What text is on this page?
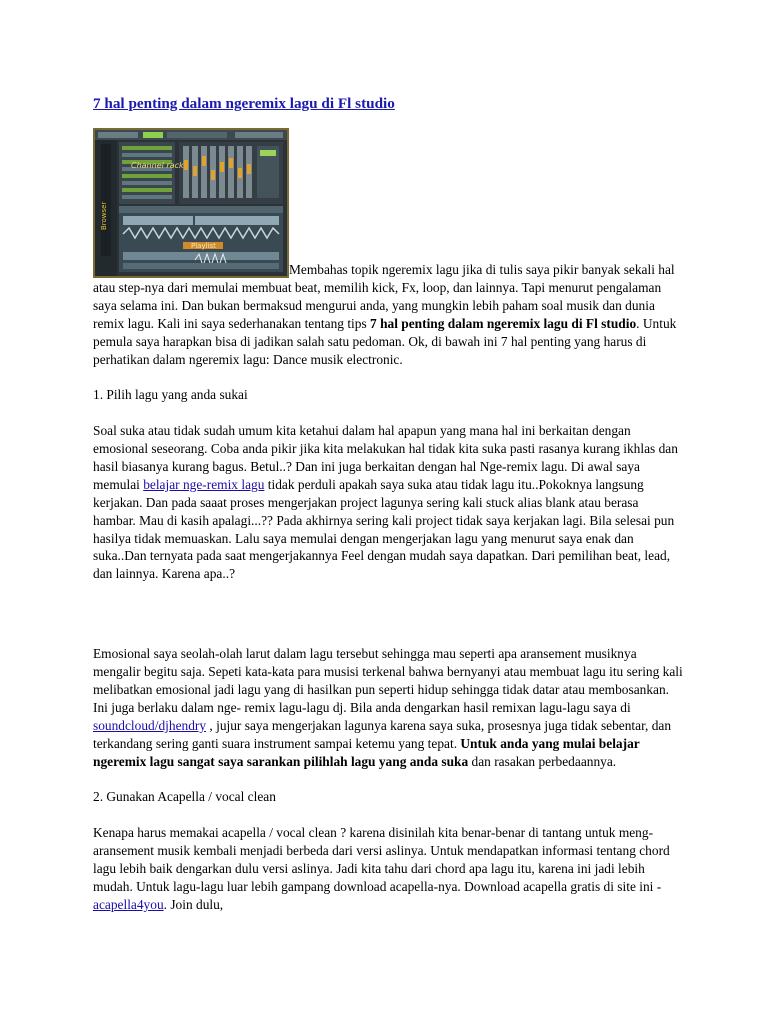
7 hal penting dalam ngeremix lagu di Fl studio
Browser
Playlist
Channel rack
Membahas topik ngeremix lagu jika di tulis saya pikir banyak sekali hal atau step-nya dari memulai membuat beat, memilih kick, Fx, loop, dan lainnya. Tapi menurut pengalaman saya selama ini. Dan bukan bermaksud mengurui anda, yang mungkin lebih paham soal musik dan dunia remix lagu. Kali ini saya sederhanakan tentang tips 7 hal penting dalam ngeremix lagu di Fl studio. Untuk pemula saya harapkan bisa di jadikan salah satu pedoman. Ok, di bawah ini 7 hal penting yang harus di perhatikan dalam ngeremix lagu: Dance musik electronic.

1. Pilih lagu yang anda sukai

Soal suka atau tidak sudah umum kita ketahui dalam hal apapun yang mana hal ini berkaitan dengan emosional seseorang. Coba anda pikir jika kita melakukan hal tidak kita suka pasti rasanya kurang ikhlas dan hasil biasanya kurang bagus. Betul..? Dan ini juga berkaitan dengan hal Nge-remix lagu. Di awal saya memulai belajar nge-remix lagu tidak perduli apakah saya suka atau tidak lagu itu..Pokoknya langsung kerjakan. Dan pada saaat proses mengerjakan project lagunya sering kali stuck alias blank atau berasa hambar. Mau di kasih apalagi...?? Pada akhirnya sering kali project tidak saya kerjakan lagi. Bila selesai pun hasilya tidak memuaskan. Lalu saya memulai dengan mengerjakan lagu yang menurut saya enak dan suka..Dan ternyata pada saat mengerjakannya Feel dengan mudah saya dapatkan. Dari pemilihan beat, lead, dan lainnya. Karena apa..?

Emosional saya seolah-olah larut dalam lagu tersebut sehingga mau seperti apa aransement musiknya mengalir begitu saja. Sepeti kata-kata para musisi terkenal bahwa bernyanyi atau membuat lagu itu sering kali melibatkan emosional jadi lagu yang di hasilkan pun seperti hidup sehingga tidak datar atau membosankan. Ini juga berlaku dalam nge- remix lagu-lagu dj. Bila anda dengarkan hasil remixan lagu-lagu saya di soundcloud/djhendry , jujur saya mengerjakan lagunya karena saya suka, prosesnya juga tidak sebentar, dan terkandang sering ganti suara instrument sampai ketemu yang tepat. Untuk anda yang mulai belajar ngeremix lagu sangat saya sarankan pilihlah lagu yang anda suka dan rasakan perbedaannya.

2. Gunakan Acapella / vocal clean

Kenapa harus memakai acapella / vocal clean ? karena disinilah kita benar-benar di tantang untuk meng-aransement musik kembali menjadi berbeda dari versi aslinya. Untuk mendapatkan informasi tentang chord lagu lebih baik dengarkan dulu versi aslinya. Jadi kita tahu dari chord apa lagu itu, karena ini jadi lebih mudah. Untuk lagu-lagu luar lebih gampang download acapella-nya. Download acapella gratis di site ini - acapella4you. Join dulu,
